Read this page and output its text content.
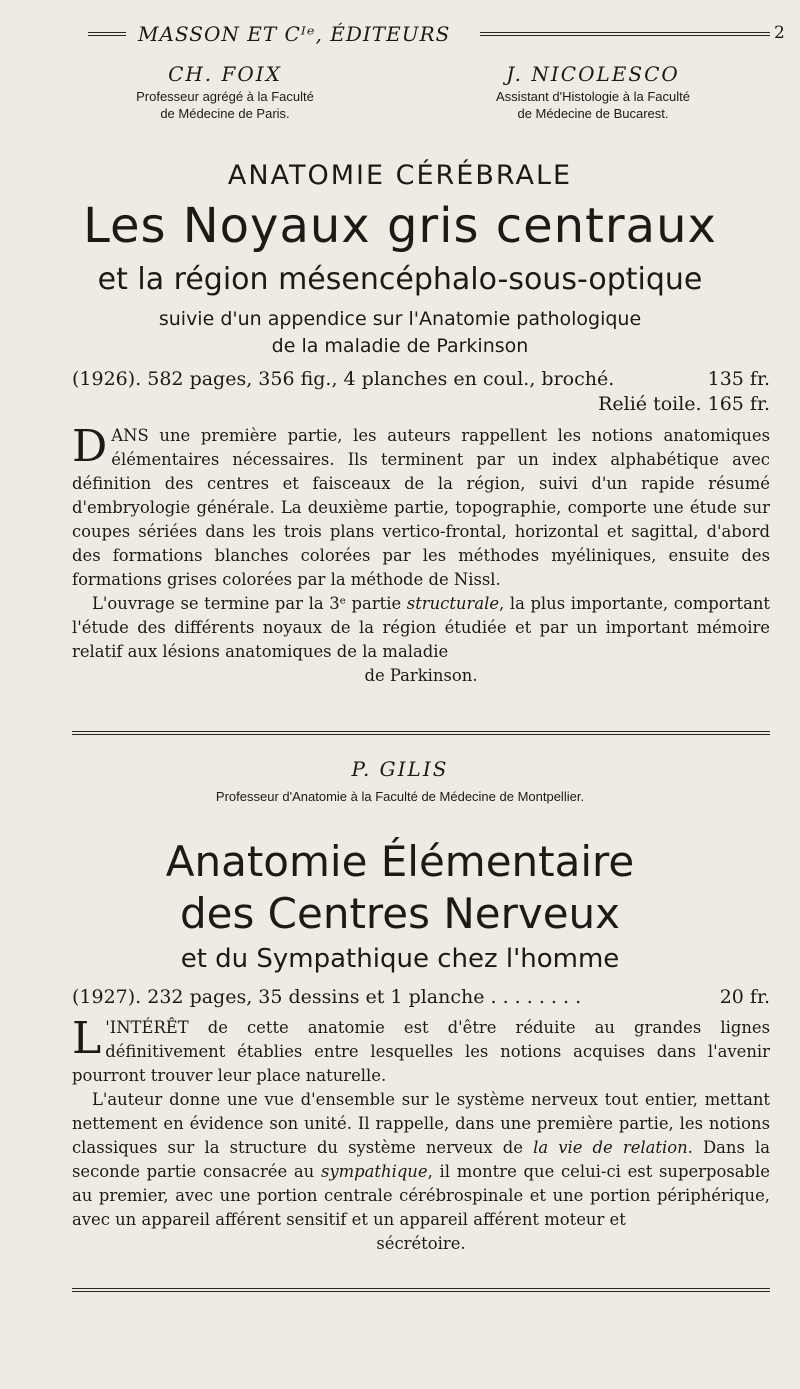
MASSON ET Cᴵᵉ, ÉDITEURS	2
CH. FOIX
Professeur agrégé à la Faculté
de Médecine de Paris.
J. NICOLESCO
Assistant d'Histologie à la Faculté
de Médecine de Bucarest.
ANATOMIE CÉRÉBRALE
Les Noyaux gris centraux
et la région mésencéphalo-sous-optique
suivie d'un appendice sur l'Anatomie pathologique
de la maladie de Parkinson
(1926). 582 pages, 356 fig., 4 planches en coul., broché.	135 fr.
Relié toile. 165 fr.
DANS une première partie, les auteurs rappellent les notions anatomiques élémentaires nécessaires. Ils terminent par un index alphabétique avec définition des centres et faisceaux de la région, suivi d'un rapide résumé d'embryologie générale. La deuxième partie, topographie, comporte une étude sur coupes sériées dans les trois plans vertico-frontal, horizontal et sagittal, d'abord des formations blanches colorées par les méthodes myéliniques, ensuite des formations grises colorées par la méthode de Nissl.
L'ouvrage se termine par la 3ᵉ partie structurale, la plus importante, comportant l'étude des différents noyaux de la région étudiée et par un important mémoire relatif aux lésions anatomiques de la maladie
de Parkinson.
P. GILIS
Professeur d'Anatomie à la Faculté de Médecine de Montpellier.
Anatomie Élémentaire
des Centres Nerveux
et du Sympathique chez l'homme
(1927). 232 pages, 35 dessins et 1 planche . . . . . . . .	20 fr.
L 'INTÉRÊT de cette anatomie est d'être réduite au grandes lignes définitivement établies entre lesquelles les notions acquises dans l'avenir pourront trouver leur place naturelle.
L'auteur donne une vue d'ensemble sur le système nerveux tout entier, mettant nettement en évidence son unité. Il rappelle, dans une première partie, les notions classiques sur la structure du système nerveux de la vie de relation. Dans la seconde partie consacrée au sympathique, il montre que celui-ci est superposable au premier, avec une portion centrale cérébrospinale et une portion périphérique, avec un appareil afférent sensitif et un appareil afférent moteur et
sécrétoire.
